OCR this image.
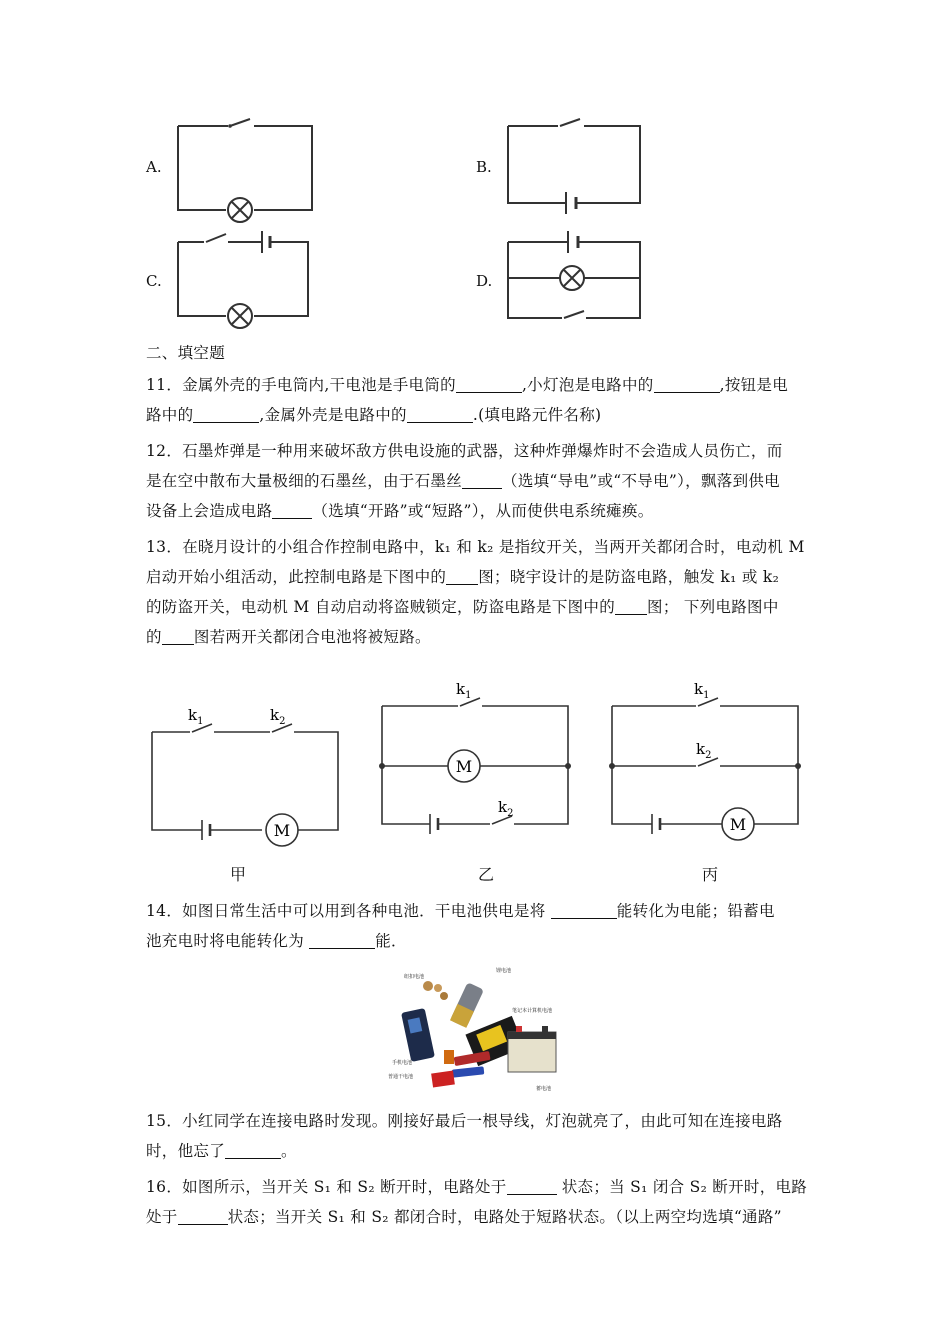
A.	B.
C.	D.
二、填空题
11．金属外壳的手电筒内,干电池是手电筒的	,小灯泡是电路中的	,按钮是电
路中的	,金属外壳是电路中的	.(填电路元件名称)
12．石墨炸弹是一种用来破坏敌方供电设施的武器，这种炸弹爆炸时不会造成人员伤亡，而
是在空中散布大量极细的石墨丝，由于石墨丝	（选填“导电”或“不导电”），飘落到供电
设备上会造成电路	（选填“开路”或“短路”），从而使供电系统瘫痪。
13．在晓月设计的小组合作控制电路中，k₁ 和 k₂ 是指纹开关，当两开关都闭合时，电动机 M
启动开始小组活动，此控制电路是下图中的 图；晓宇设计的是防盗电路，触发 k₁ 或 k₂
的防盗开关，电动机 M 自动启动将盗贼锁定，防盗电路是下图中的 图； 下列电路图中
的 图若两开关都闭合电池将被短路。
M
$k_1$	$k_2$
甲
M
$k_1$
$k_2$
乙
M
$k_1$
$k_2$
丙
14．如图日常生活中可以用到各种电池．干电池供电是将	能转化为电能；铅蓄电
池充电时将电能转化为	能．
纽扣电池
锂电池
笔记本计算机电池
手机电池
普通干电池
蓄电池
15．小红同学在连接电路时发现。刚接好最后一根导线，灯泡就亮了，由此可知在连接电路
时，他忘了	。
16．如图所示，当开关 S₁ 和 S₂ 断开时，电路处于	状态；当 S₁ 闭合 S₂ 断开时，电路
处于	状态；当开关 S₁ 和 S₂ 都闭合时，电路处于短路状态。（以上两空均选填“通路”
